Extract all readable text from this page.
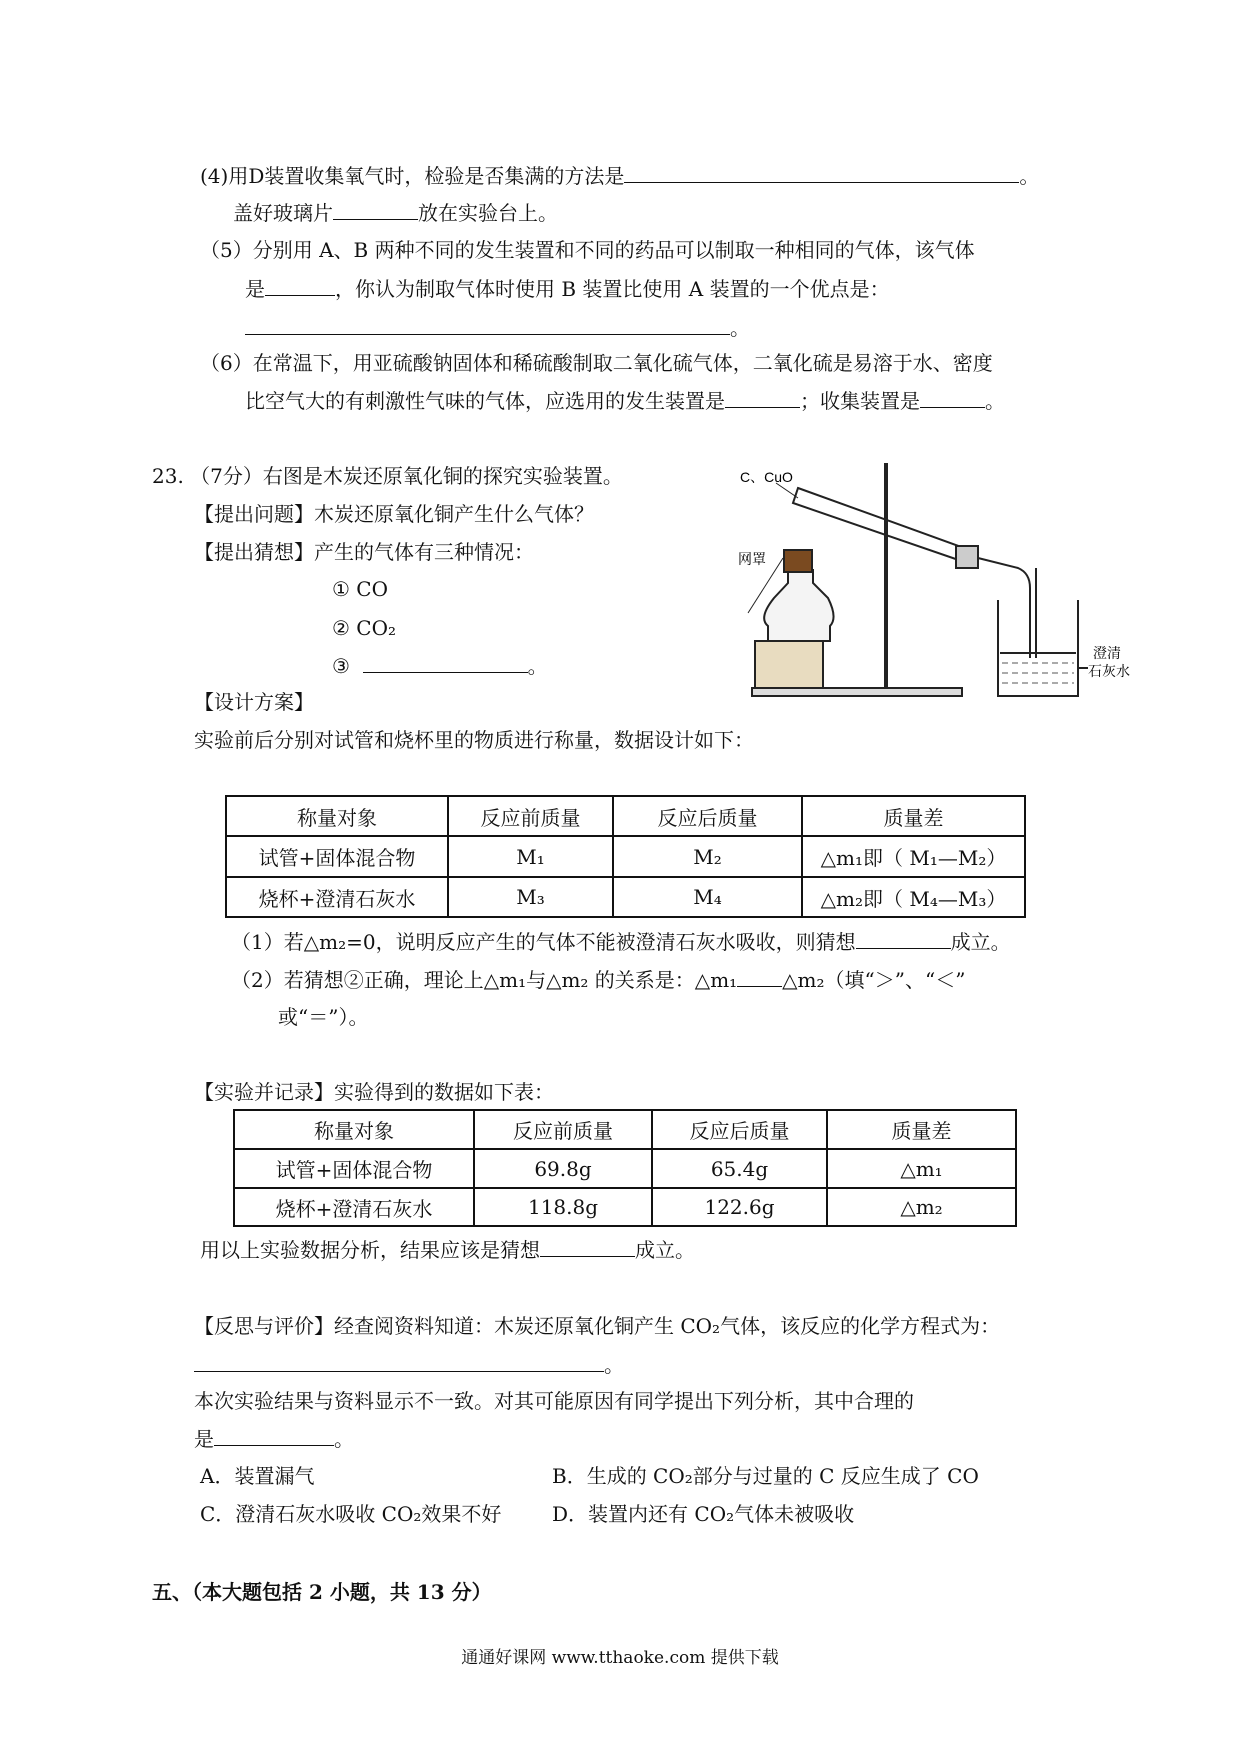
(4)用D装置收集氧气时，检验是否集满的方法是	。
盖好玻璃片	放在实验台上。
（5）分别用 A、B 两种不同的发生装置和不同的药品可以制取一种相同的气体，该气体
是	，你认为制取气体时使用 B 装置比使用 A 装置的一个优点是：
。
（6）在常温下，用亚硫酸钠固体和稀硫酸制取二氧化硫气体，二氧化硫是易溶于水、密度
比空气大的有刺激性气味的气体，应选用的发生装置是	；收集装置是	。
23. （7分）右图是木炭还原氧化铜的探究实验装置。
【提出问题】木炭还原氧化铜产生什么气体？
【提出猜想】产生的气体有三种情况：
① CO
② CO₂
③	。
【设计方案】
实验前后分别对试管和烧杯里的物质进行称量，数据设计如下：
C、CuO
网罩
澄清
石灰水
称量对象	反应前质量	反应后质量	质量差
试管+固体混合物	M₁	M₂	△m₁即（ M₁—M₂）
烧杯+澄清石灰水	M₃	M₄	△m₂即（ M₄—M₃）
（1）若△m₂=0，说明反应产生的气体不能被澄清石灰水吸收，则猜想	成立。
（2）若猜想②正确，理论上△m₁与△m₂ 的关系是：△m₁ △m₂（填“＞”、“＜”
或“＝”）。
【实验并记录】实验得到的数据如下表：
称量对象	反应前质量	反应后质量	质量差
试管+固体混合物	69.8g	65.4g	△m₁
烧杯+澄清石灰水	118.8g	122.6g	△m₂
用以上实验数据分析，结果应该是猜想	成立。
【反思与评价】经查阅资料知道：木炭还原氧化铜产生 CO₂气体，该反应的化学方程式为：
。
本次实验结果与资料显示不一致。对其可能原因有同学提出下列分析，其中合理的
是	。
A．装置漏气	B．生成的 CO₂部分与过量的 C 反应生成了 CO
C．澄清石灰水吸收 CO₂效果不好	D．装置内还有 CO₂气体未被吸收
五、（本大题包括 2 小题，共 13 分）
通通好课网 www.tthaoke.com 提供下载
